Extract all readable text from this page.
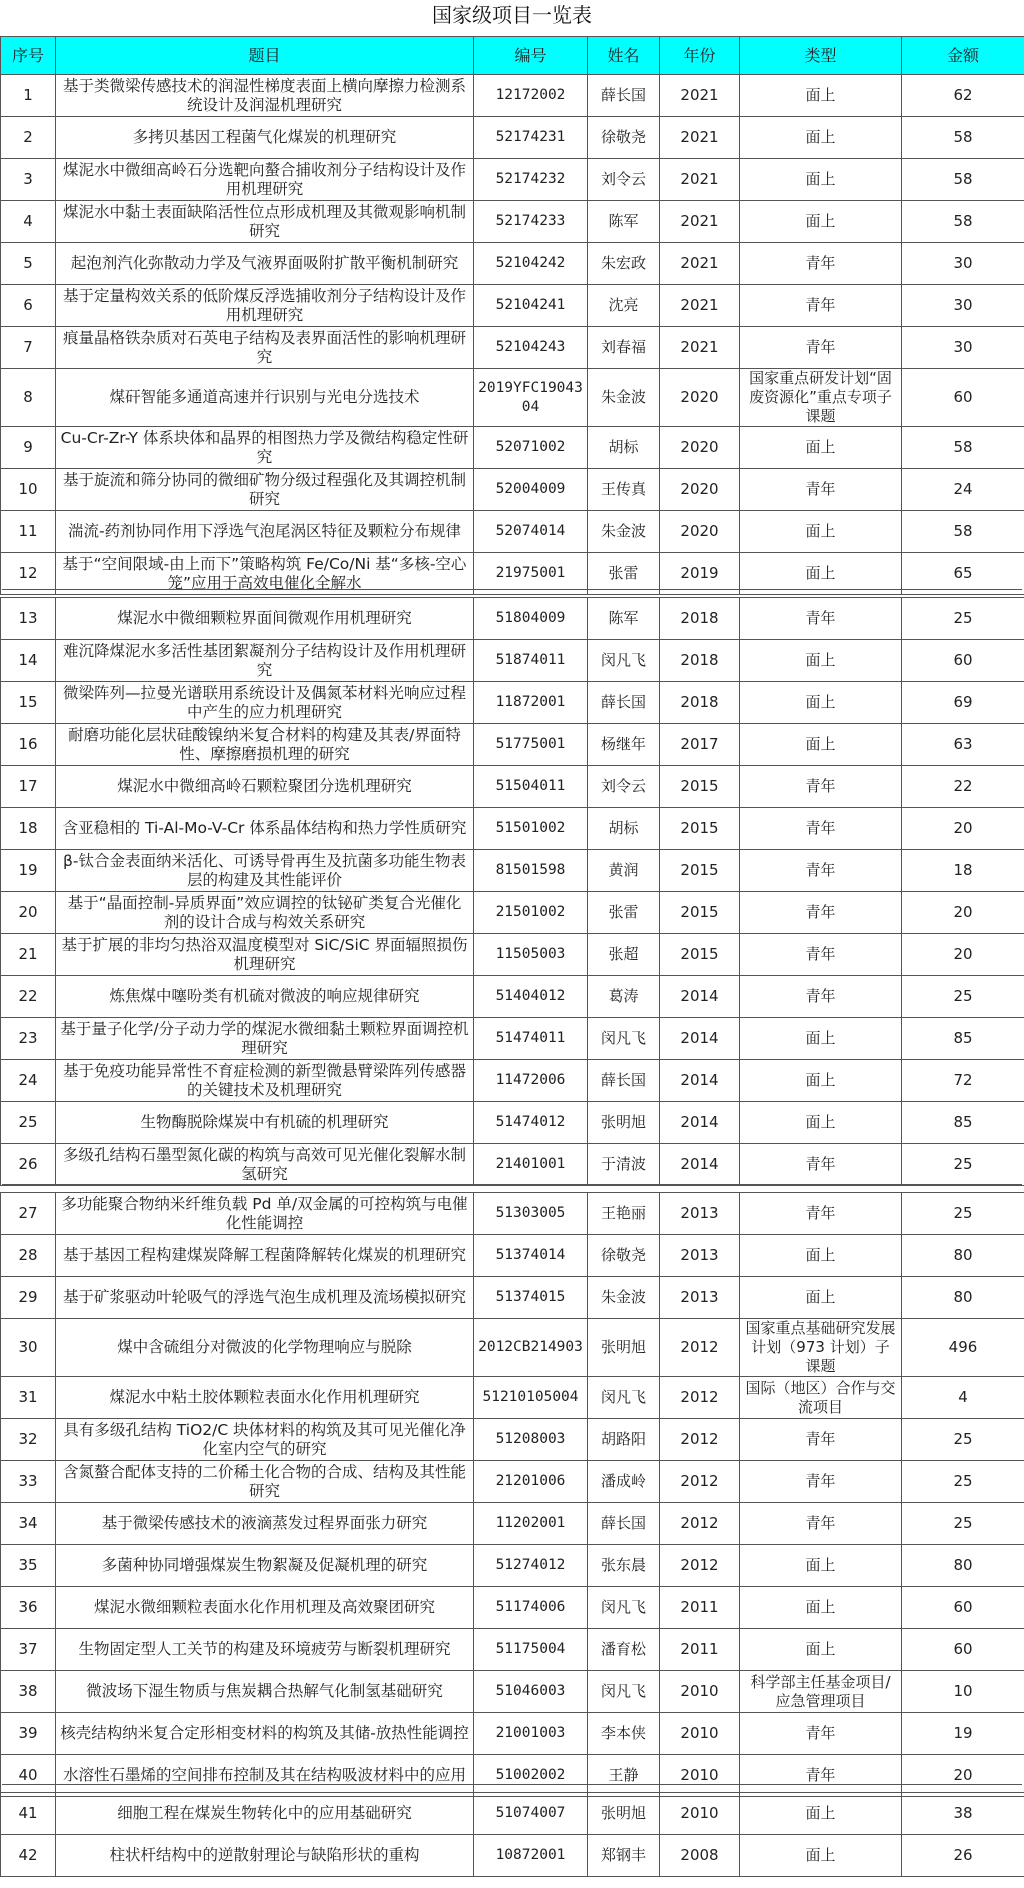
国家级项目一览表
序号	题目	编号	姓名	年份	类型	金额
1	基于类微梁传感技术的润湿性梯度表面上横向摩擦力检测系统设计及润湿机理研究	12172002	薛长国	2021	面上	62
2	多拷贝基因工程菌气化煤炭的机理研究	52174231	徐敬尧	2021	面上	58
3	煤泥水中微细高岭石分选靶向螯合捕收剂分子结构设计及作用机理研究	52174232	刘令云	2021	面上	58
4	煤泥水中黏土表面缺陷活性位点形成机理及其微观影响机制研究	52174233	陈军	2021	面上	58
5	起泡剂汽化弥散动力学及气液界面吸附扩散平衡机制研究	52104242	朱宏政	2021	青年	30
6	基于定量构效关系的低阶煤反浮选捕收剂分子结构设计及作用机理研究	52104241	沈亮	2021	青年	30
7	痕量晶格铁杂质对石英电子结构及表界面活性的影响机理研究	52104243	刘春福	2021	青年	30
8	煤矸智能多通道高速并行识别与光电分选技术	2019YFC1904304	朱金波	2020	国家重点研发计划“固废资源化”重点专项子课题	60
9	Cu-Cr-Zr-Y 体系块体和晶界的相图热力学及微结构稳定性研究	52071002	胡标	2020	面上	58
10	基于旋流和筛分协同的微细矿物分级过程强化及其调控机制研究	52004009	王传真	2020	青年	24
11	湍流-药剂协同作用下浮选气泡尾涡区特征及颗粒分布规律	52074014	朱金波	2020	面上	58
12	基于“空间限域-由上而下”策略构筑 Fe/Co/Ni 基“多核-空心笼”应用于高效电催化全解水	21975001	张雷	2019	面上	65
13	煤泥水中微细颗粒界面间微观作用机理研究	51804009	陈军	2018	青年	25
14	难沉降煤泥水多活性基团絮凝剂分子结构设计及作用机理研究	51874011	闵凡飞	2018	面上	60
15	微梁阵列—拉曼光谱联用系统设计及偶氮苯材料光响应过程中产生的应力机理研究	11872001	薛长国	2018	面上	69
16	耐磨功能化层状硅酸镍纳米复合材料的构建及其表/界面特性、摩擦磨损机理的研究	51775001	杨继年	2017	面上	63
17	煤泥水中微细高岭石颗粒聚团分选机理研究	51504011	刘令云	2015	青年	22
18	含亚稳相的 Ti-Al-Mo-V-Cr 体系晶体结构和热力学性质研究	51501002	胡标	2015	青年	20
19	β-钛合金表面纳米活化、可诱导骨再生及抗菌多功能生物表层的构建及其性能评价	81501598	黄润	2015	青年	18
20	基于“晶面控制-异质界面”效应调控的钛铋矿类复合光催化剂的设计合成与构效关系研究	21501002	张雷	2015	青年	20
21	基于扩展的非均匀热浴双温度模型对 SiC/SiC 界面辐照损伤机理研究	11505003	张超	2015	青年	20
22	炼焦煤中噻吩类有机硫对微波的响应规律研究	51404012	葛涛	2014	青年	25
23	基于量子化学/分子动力学的煤泥水微细黏土颗粒界面调控机理研究	51474011	闵凡飞	2014	面上	85
24	基于免疫功能异常性不育症检测的新型微悬臂梁阵列传感器的关键技术及机理研究	11472006	薛长国	2014	面上	72
25	生物酶脱除煤炭中有机硫的机理研究	51474012	张明旭	2014	面上	85
26	多级孔结构石墨型氮化碳的构筑与高效可见光催化裂解水制氢研究	21401001	于清波	2014	青年	25
27	多功能聚合物纳米纤维负载 Pd 单/双金属的可控构筑与电催化性能调控	51303005	王艳丽	2013	青年	25
28	基于基因工程构建煤炭降解工程菌降解转化煤炭的机理研究	51374014	徐敬尧	2013	面上	80
29	基于矿浆驱动叶轮吸气的浮选气泡生成机理及流场模拟研究	51374015	朱金波	2013	面上	80
30	煤中含硫组分对微波的化学物理响应与脱除	2012CB214903	张明旭	2012	国家重点基础研究发展计划（973 计划）子课题	496
31	煤泥水中粘土胶体颗粒表面水化作用机理研究	51210105004	闵凡飞	2012	国际（地区）合作与交流项目	4
32	具有多级孔结构 TiO2/C 块体材料的构筑及其可见光催化净化室内空气的研究	51208003	胡路阳	2012	青年	25
33	含氮螯合配体支持的二价稀土化合物的合成、结构及其性能研究	21201006	潘成岭	2012	青年	25
34	基于微梁传感技术的液滴蒸发过程界面张力研究	11202001	薛长国	2012	青年	25
35	多菌种协同增强煤炭生物絮凝及促凝机理的研究	51274012	张东晨	2012	面上	80
36	煤泥水微细颗粒表面水化作用机理及高效聚团研究	51174006	闵凡飞	2011	面上	60
37	生物固定型人工关节的构建及环境疲劳与断裂机理研究	51175004	潘育松	2011	面上	60
38	微波场下湿生物质与焦炭耦合热解气化制氢基础研究	51046003	闵凡飞	2010	科学部主任基金项目/应急管理项目	10
39	核壳结构纳米复合定形相变材料的构筑及其储-放热性能调控	21001003	李本侠	2010	青年	19
40	水溶性石墨烯的空间排布控制及其在结构吸波材料中的应用	51002002	王静	2010	青年	20
41	细胞工程在煤炭生物转化中的应用基础研究	51074007	张明旭	2010	面上	38
42	柱状杆结构中的逆散射理论与缺陷形状的重构	10872001	郑钢丰	2008	面上	26
